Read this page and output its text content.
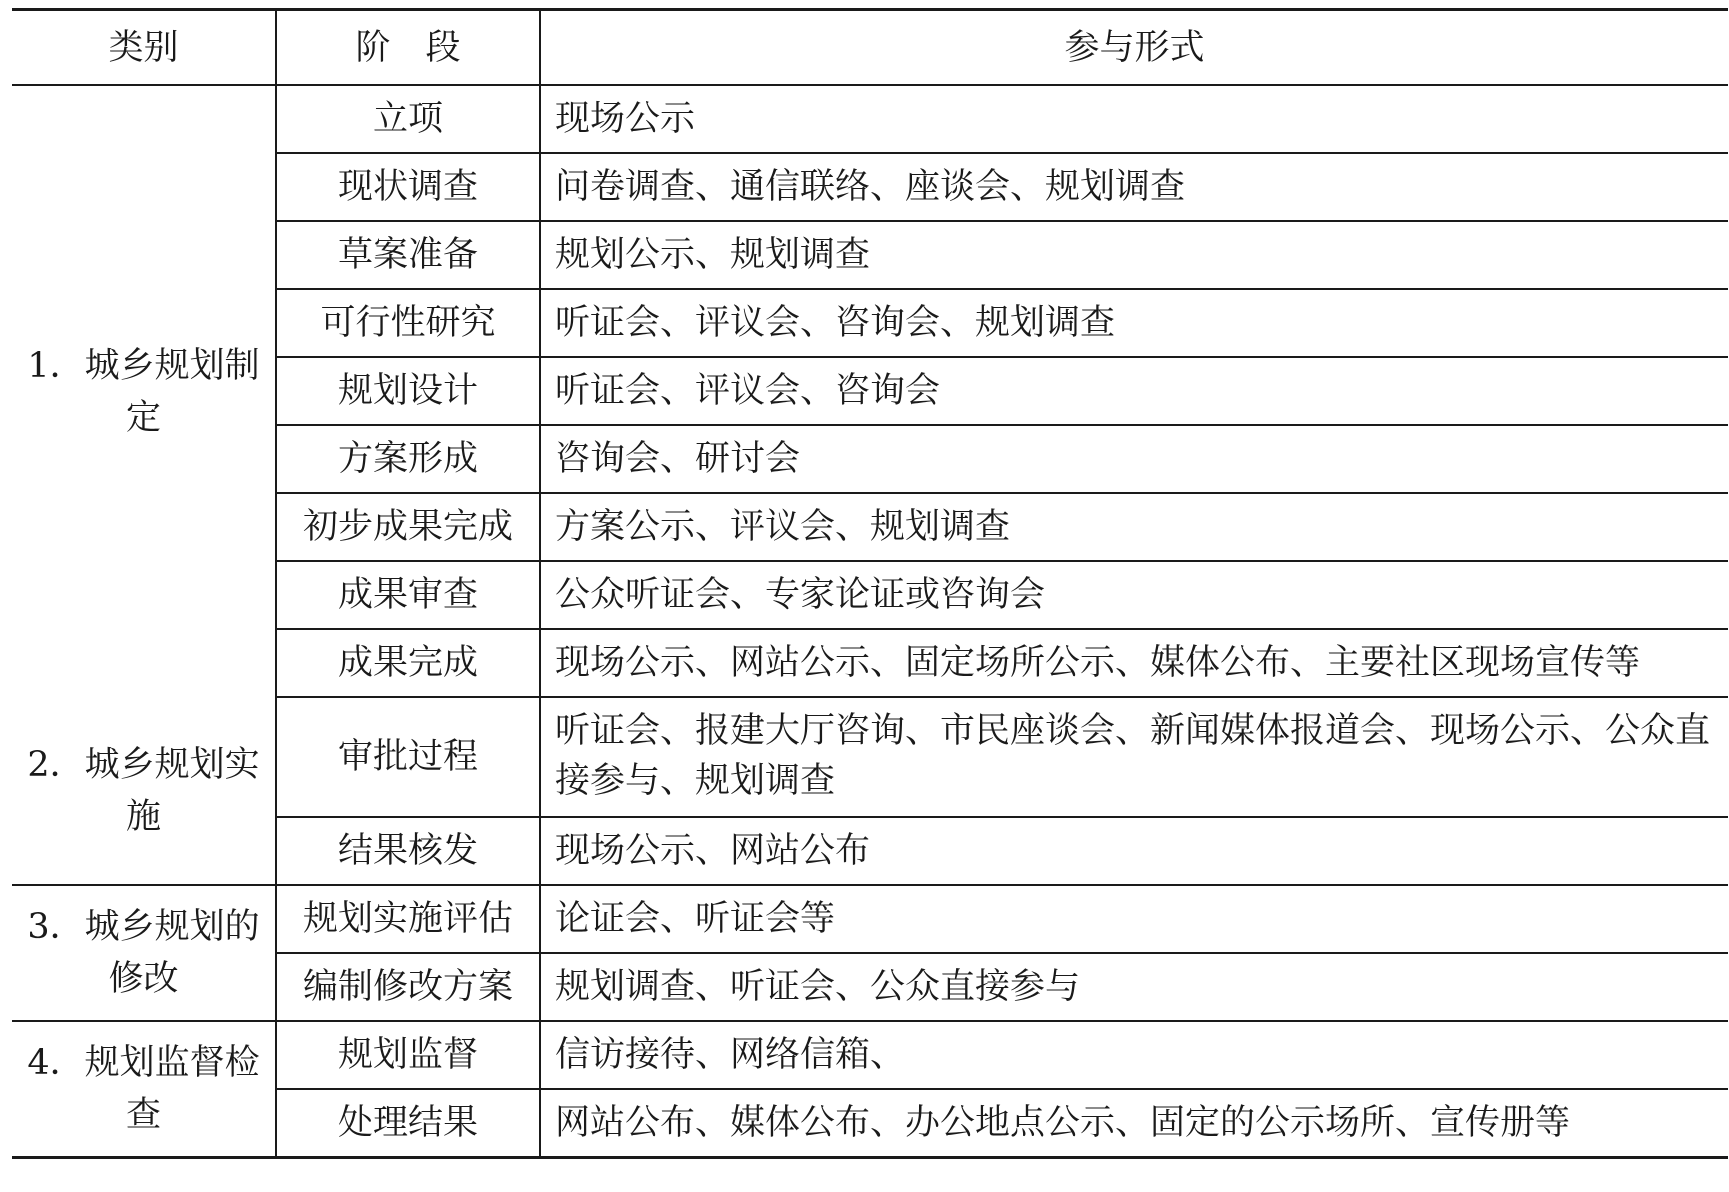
类别	阶　段	参与形式
1．城乡规划制定	立项	现场公示
	现状调查	问卷调查、通信联络、座谈会、规划调查
	草案准备	规划公示、规划调查
	可行性研究	听证会、评议会、咨询会、规划调查
	规划设计	听证会、评议会、咨询会
	方案形成	咨询会、研讨会
	初步成果完成	方案公示、评议会、规划调查
	成果审查	公众听证会、专家论证或咨询会
	成果完成	现场公示、网站公示、固定场所公示、媒体公布、主要社区现场宣传等
2．城乡规划实施	审批过程	听证会、报建大厅咨询、市民座谈会、新闻媒体报道会、现场公示、公众直接参与、规划调查
	结果核发	现场公示、网站公布
3．城乡规划的修改	规划实施评估	论证会、听证会等
	编制修改方案	规划调查、听证会、公众直接参与
4．规划监督检查	规划监督	信访接待、网络信箱、
	处理结果	网站公布、媒体公布、办公地点公示、固定的公示场所、宣传册等
